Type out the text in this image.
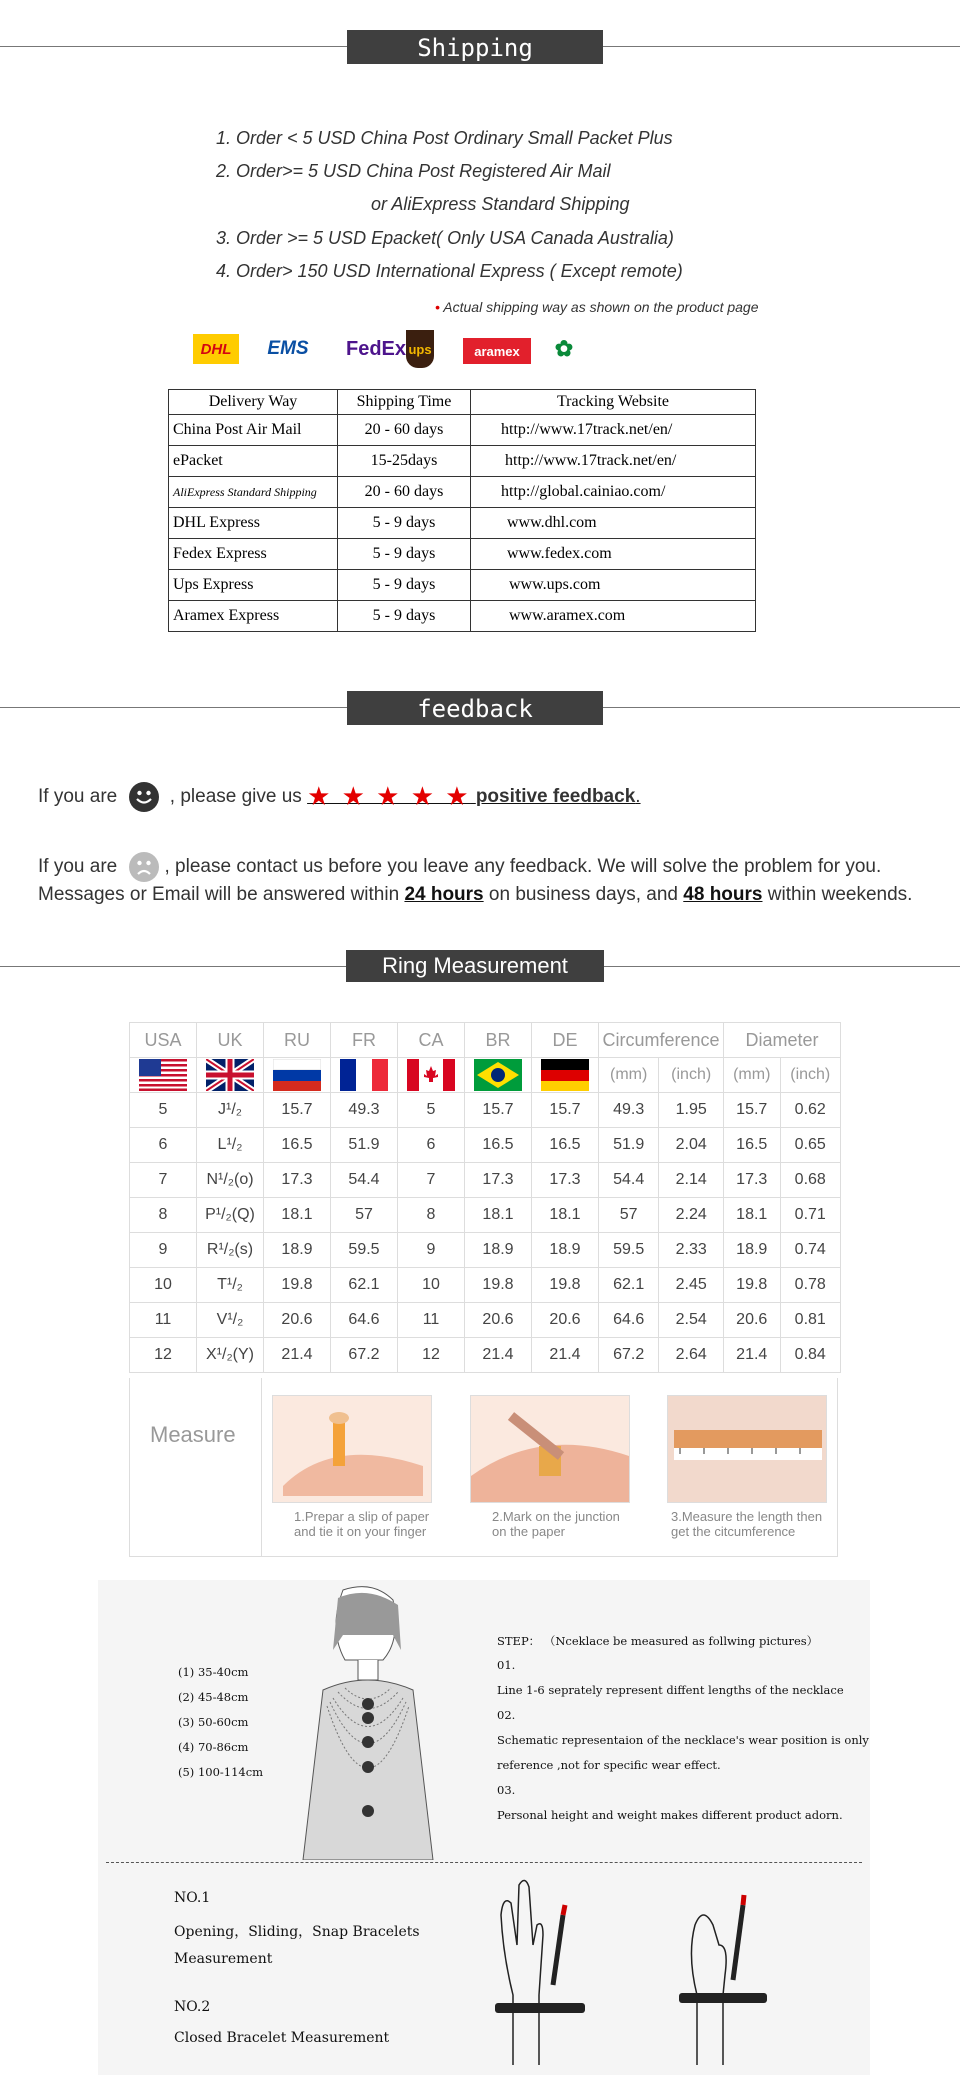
Shipping
1. Order < 5 USD China Post Ordinary Small Packet Plus
2. Order>= 5 USD China Post Registered Air Mail
or AliExpress Standard Shipping
3. Order >= 5 USD Epacket( Only USA Canada Australia)
4. Order> 150 USD International Express ( Except remote)
• Actual shipping way as shown on the product page
DHL EMS FedEx ups	aramex ✿
Delivery Way	Shipping Time	Tracking Website
China Post Air Mail	20 - 60 days	http://www.17track.net/en/
ePacket	15-25days	http://www.17track.net/en/
AliExpress Standard Shipping	20 - 60 days	http://global.cainiao.com/
DHL Express	5 - 9 days	www.dhl.com
Fedex Express	5 - 9 days	www.fedex.com
Ups Express	5 - 9 days	www.ups.com
Aramex Express	5 - 9 days	www.aramex.com
feedback
If you are	, please give us ★ ★ ★ ★ ★ positive feedback.
If you are , please contact us before you leave any feedback. We will solve the problem for you.
Messages or Email will be answered within 24 hours on business days, and 48 hours within weekends.
Ring Measurement
USA	UK	RU	FR	CA	BR	DE	Circumference		Diameter	
							(mm)	(inch)	(mm)	(inch)
5	J¹/₂	15.7	49.3	5	15.7	15.7	49.3	1.95	15.7	0.62
6	L¹/₂	16.5	51.9	6	16.5	16.5	51.9	2.04	16.5	0.65
7	N¹/₂(o)	17.3	54.4	7	17.3	17.3	54.4	2.14	17.3	0.68
8	P¹/₂(Q)	18.1	57	8	18.1	18.1	57	2.24	18.1	0.71
9	R¹/₂(s)	18.9	59.5	9	18.9	18.9	59.5	2.33	18.9	0.74
10	T¹/₂	19.8	62.1	10	19.8	19.8	62.1	2.45	19.8	0.78
11	V¹/₂	20.6	64.6	11	20.6	20.6	64.6	2.54	20.6	0.81
12	X¹/₂(Y)	21.4	67.2	12	21.4	21.4	67.2	2.64	21.4	0.84
Measure
1.Prepar a slip of paper
and tie it on your finger
2.Mark on the junction
on the paper
3.Measure the length then
get the citcumference
(1) 35-40cm
(2) 45-48cm
(3) 50-60cm
(4) 70-86cm
(5) 100-114cm
STEP： （Nceklace be measured as follwing pictures）
01.
Line 1-6 seprately represent diffent lengths of the necklace
02.
Schematic representaion of the necklace's wear position is only
reference ,not for specific wear effect.
03.
Personal height and weight makes different product adorn.
NO.1
Opening，Sliding，Snap Bracelets
Measurement
NO.2
Closed Bracelet Measurement
